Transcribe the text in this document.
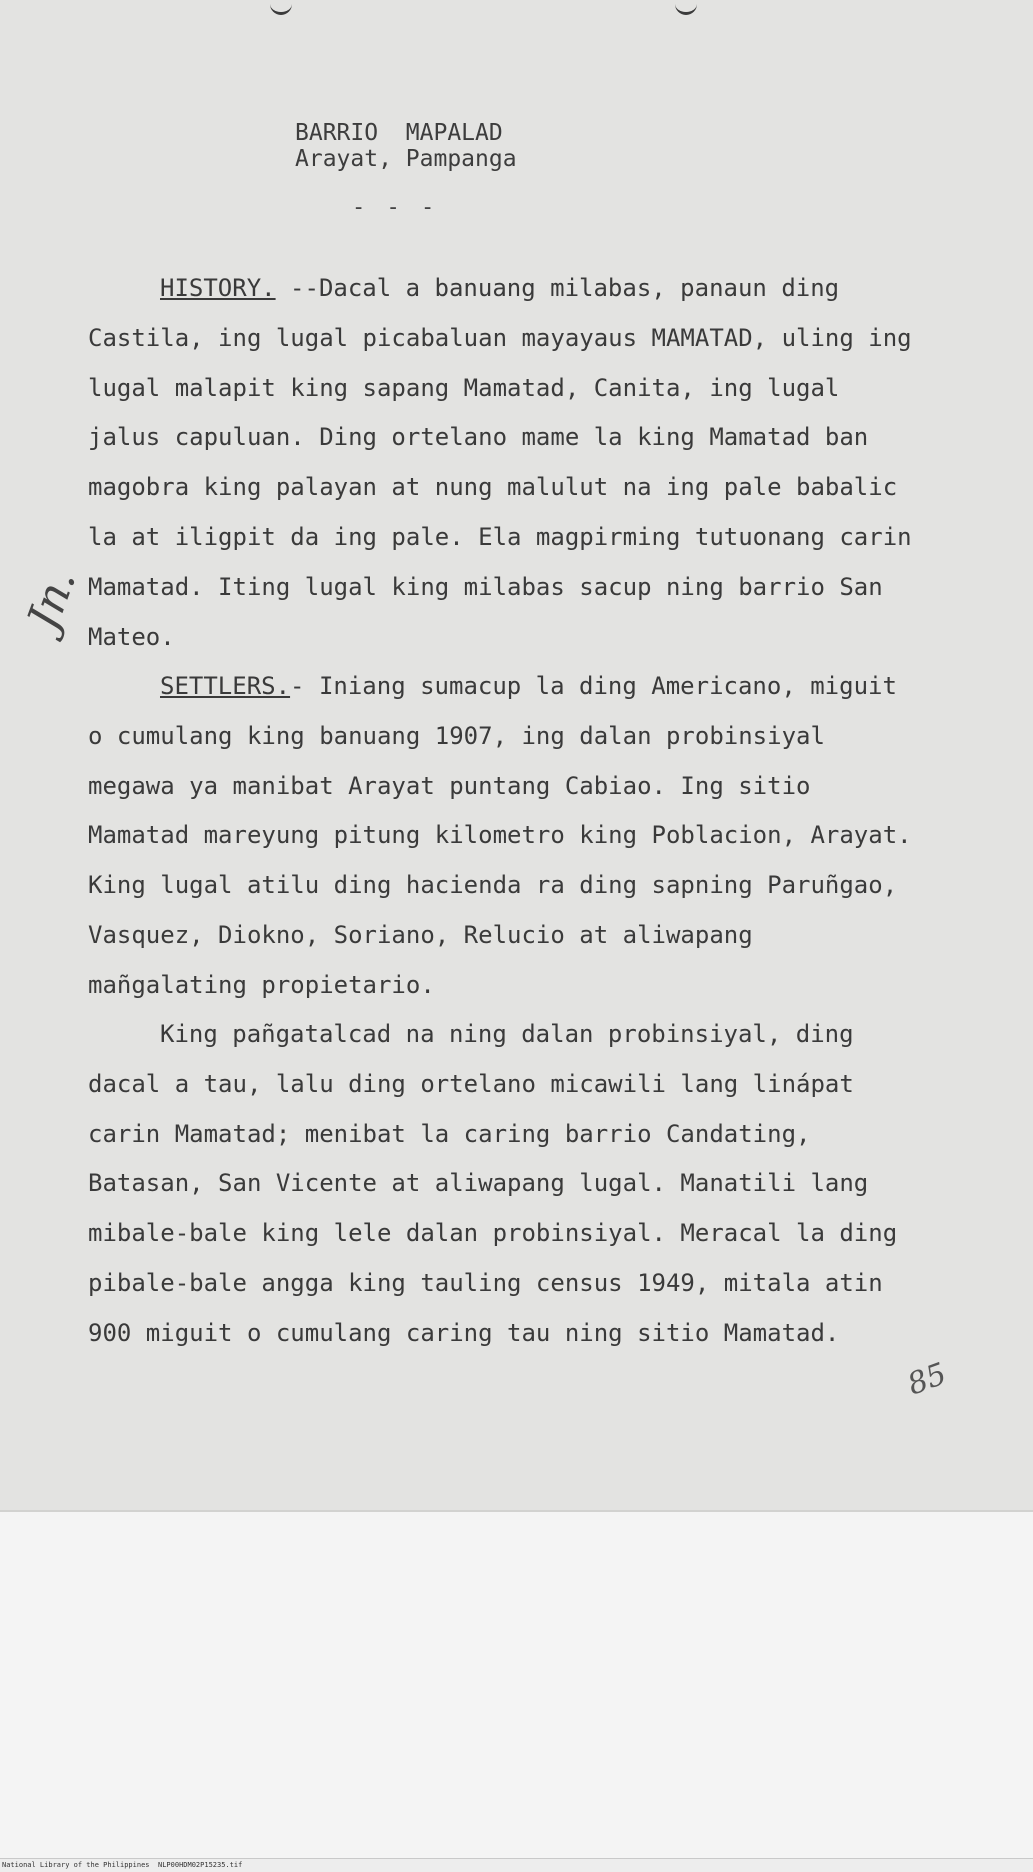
BARRIO  MAPALAD
Arayat, Pampanga
- - -

HISTORY. --Dacal a banuang milabas, panaun ding Castila, ing lugal picabaluan mayayaus MAMATAD, uling ing lugal malapit king sapang Mamatad, Canita, ing lugal jalus capuluan. Ding ortelano mame la king Mamatad ban magobra king palayan at nung malulut na ing pale babalic la at iligpit da ing pale. Ela magpirming tutuonang carin Mamatad. Iting lugal king milabas sacup ning barrio San Mateo.

SETTLERS.- Iniang sumacup la ding Americano, miguit o cumulang king banuang 1907, ing dalan probinsiyal megawa ya manibat Arayat puntang Cabiao. Ing sitio Mamatad mareyung pitung kilometro king Poblacion, Arayat. King lugal atilu ding hacienda ra ding sapning Paruñgao, Vasquez, Diokno, Soriano, Relucio at aliwapang mañgalating propietario.

King pañgatalcad na ning dalan probinsiyal, ding dacal a tau, lalu ding ortelano micawili lang linápat carin Mamatad; menibat la caring barrio Candating, Batasan, San Vicente at aliwapang lugal. Manatili lang mibale-bale king lele dalan probinsiyal. Meracal la ding pibale-bale angga king tauling census 1949, mitala atin 900 miguit o cumulang caring tau ning sitio Mamatad.

Jn.
85
National Library of the Philippines NLP00HDM02P15235.tif
